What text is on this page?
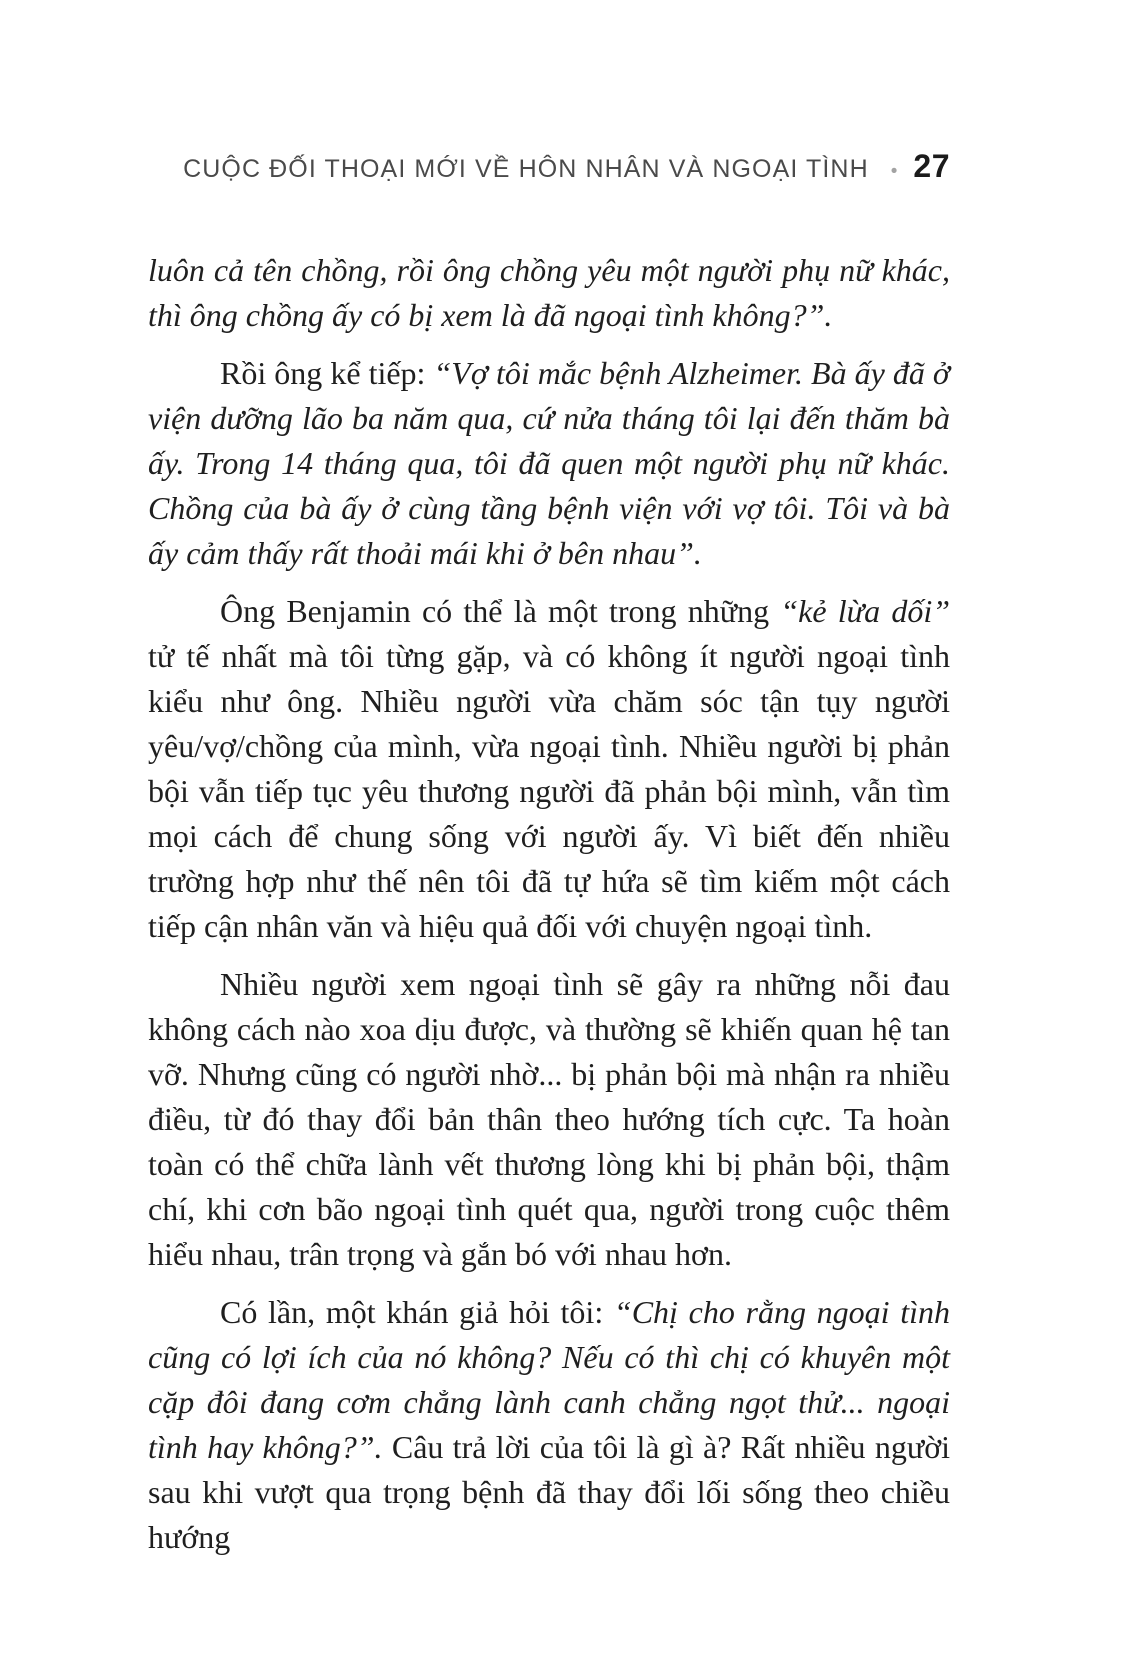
CUỘC ĐỐI THOẠI MỚI VỀ HÔN NHÂN VÀ NGOẠI TÌNH • 27

luôn cả tên chồng, rồi ông chồng yêu một người phụ nữ khác, thì ông chồng ấy có bị xem là đã ngoại tình không?”.

Rồi ông kể tiếp: “Vợ tôi mắc bệnh Alzheimer. Bà ấy đã ở viện dưỡng lão ba năm qua, cứ nửa tháng tôi lại đến thăm bà ấy. Trong 14 tháng qua, tôi đã quen một người phụ nữ khác. Chồng của bà ấy ở cùng tầng bệnh viện với vợ tôi. Tôi và bà ấy cảm thấy rất thoải mái khi ở bên nhau”.

Ông Benjamin có thể là một trong những “kẻ lừa dối” tử tế nhất mà tôi từng gặp, và có không ít người ngoại tình kiểu như ông. Nhiều người vừa chăm sóc tận tụy người yêu/vợ/chồng của mình, vừa ngoại tình. Nhiều người bị phản bội vẫn tiếp tục yêu thương người đã phản bội mình, vẫn tìm mọi cách để chung sống với người ấy. Vì biết đến nhiều trường hợp như thế nên tôi đã tự hứa sẽ tìm kiếm một cách tiếp cận nhân văn và hiệu quả đối với chuyện ngoại tình.

Nhiều người xem ngoại tình sẽ gây ra những nỗi đau không cách nào xoa dịu được, và thường sẽ khiến quan hệ tan vỡ. Nhưng cũng có người nhờ... bị phản bội mà nhận ra nhiều điều, từ đó thay đổi bản thân theo hướng tích cực. Ta hoàn toàn có thể chữa lành vết thương lòng khi bị phản bội, thậm chí, khi cơn bão ngoại tình quét qua, người trong cuộc thêm hiểu nhau, trân trọng và gắn bó với nhau hơn.

Có lần, một khán giả hỏi tôi: “Chị cho rằng ngoại tình cũng có lợi ích của nó không? Nếu có thì chị có khuyên một cặp đôi đang cơm chẳng lành canh chẳng ngọt thử... ngoại tình hay không?”. Câu trả lời của tôi là gì à? Rất nhiều người sau khi vượt qua trọng bệnh đã thay đổi lối sống theo chiều hướng
